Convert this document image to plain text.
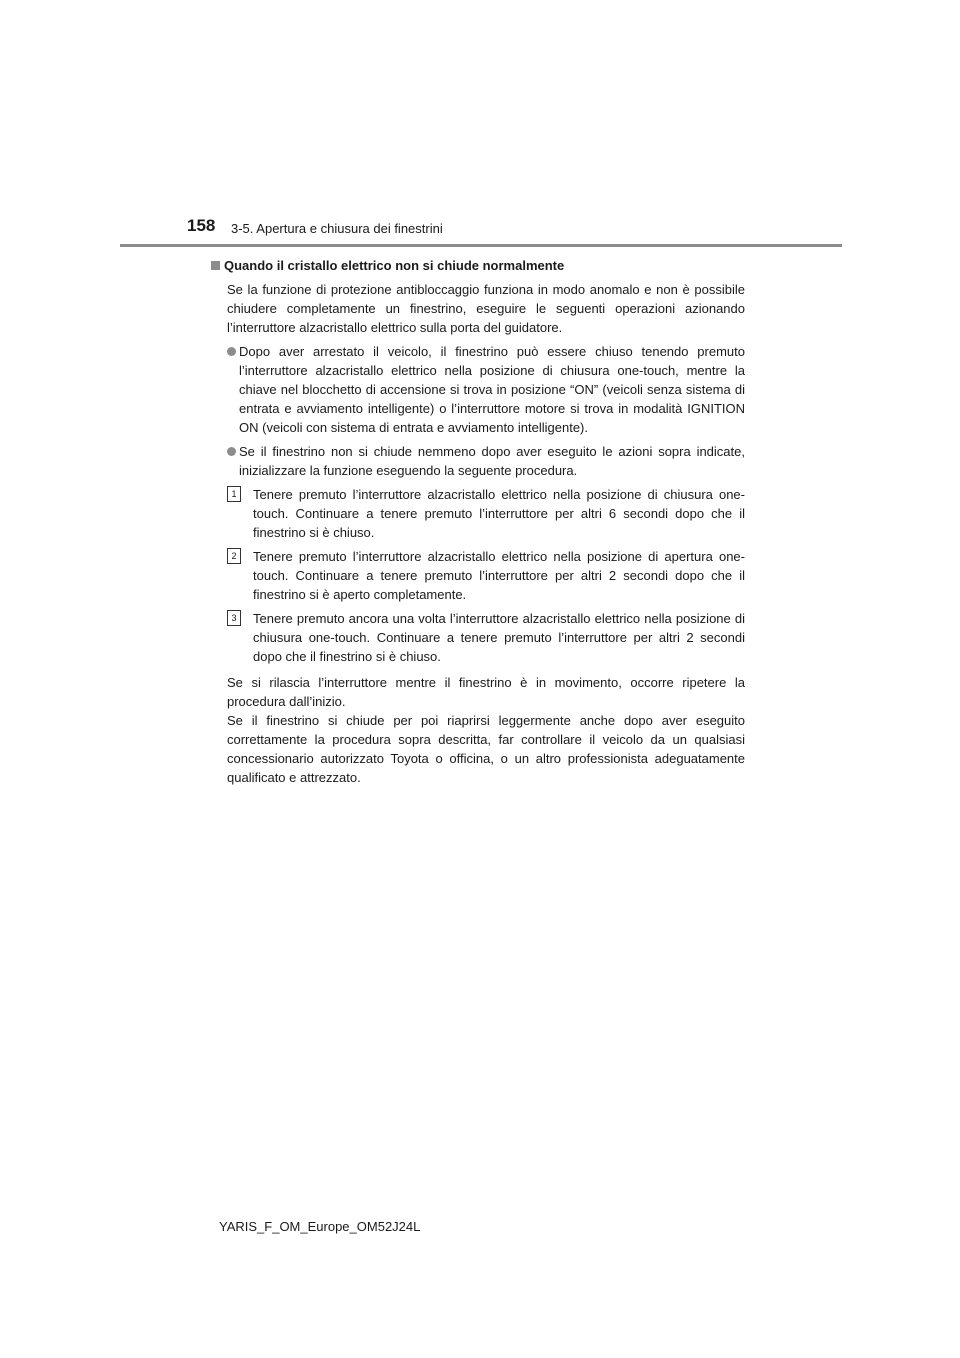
158 3-5. Apertura e chiusura dei finestrini
Quando il cristallo elettrico non si chiude normalmente

Se la funzione di protezione antibloccaggio funziona in modo anomalo e non è possibile chiudere completamente un finestrino, eseguire le seguenti operazioni azionando l’interruttore alzacristallo elettrico sulla porta del guidatore.

Dopo aver arrestato il veicolo, il finestrino può essere chiuso tenendo premuto l’interruttore alzacristallo elettrico nella posizione di chiusura one-touch, mentre la chiave nel blocchetto di accensione si trova in posizione “ON” (veicoli senza sistema di entrata e avviamento intelligente) o l’interruttore motore si trova in modalità IGNITION ON (veicoli con sistema di entrata e avviamento intelligente).

Se il finestrino non si chiude nemmeno dopo aver eseguito le azioni sopra indicate, inizializzare la funzione eseguendo la seguente procedura.

1	Tenere premuto l’interruttore alzacristallo elettrico nella posizione di chiusura one-touch. Continuare a tenere premuto l’interruttore per altri 6 secondi dopo che il finestrino si è chiuso.

2	Tenere premuto l’interruttore alzacristallo elettrico nella posizione di apertura one-touch. Continuare a tenere premuto l’interruttore per altri 2 secondi dopo che il finestrino si è aperto completamente.

3	Tenere premuto ancora una volta l’interruttore alzacristallo elettrico nella posizione di chiusura one-touch. Continuare a tenere premuto l’interruttore per altri 2 secondi dopo che il finestrino si è chiuso.

Se si rilascia l’interruttore mentre il finestrino è in movimento, occorre ripetere la procedura dall’inizio.

Se il finestrino si chiude per poi riaprirsi leggermente anche dopo aver eseguito correttamente la procedura sopra descritta, far controllare il veicolo da un qualsiasi concessionario autorizzato Toyota o officina, o un altro professionista adeguatamente qualificato e attrezzato.

YARIS_F_OM_Europe_OM52J24L
